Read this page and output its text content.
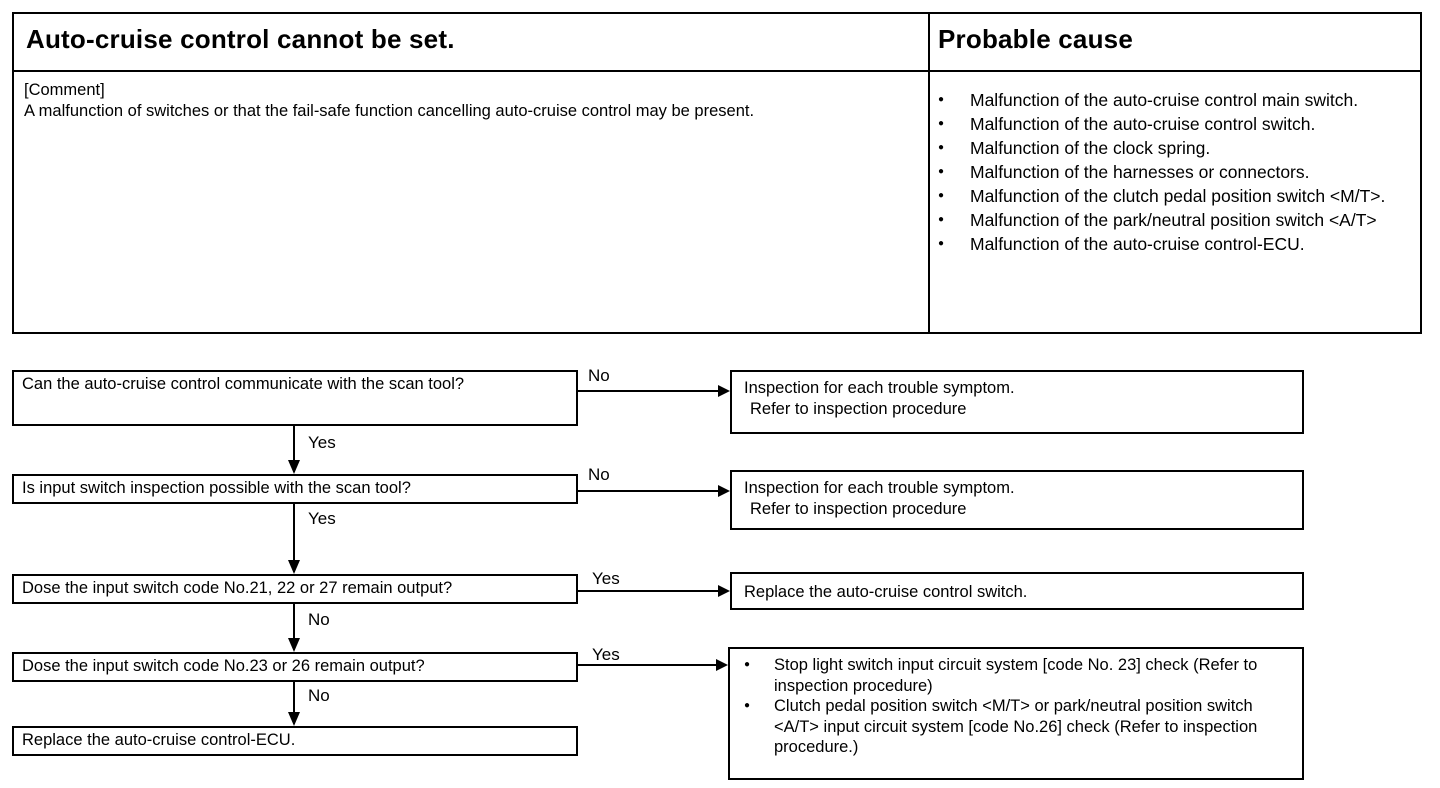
Auto-cruise control cannot be set.	Probable cause
[Comment]
A malfunction of switches or that the fail-safe function cancelling auto-cruise control may be present.
● Malfunction of the auto-cruise control main switch.
● Malfunction of the auto-cruise control switch.
● Malfunction of the clock spring.
● Malfunction of the harnesses or connectors.
● Malfunction of the clutch pedal position switch <M/T>.
● Malfunction of the park/neutral position switch <A/T>
● Malfunction of the auto-cruise control-ECU.
Can the auto-cruise control communicate with the scan tool?
Is input switch inspection possible with the scan tool?
Dose the input switch code No.21, 22 or 27 remain output?
Dose the input switch code No.23 or 26 remain output?
Replace the auto-cruise control-ECU.
Inspection for each trouble symptom.
Refer to inspection procedure
Inspection for each trouble symptom.
Refer to inspection procedure
Replace the auto-cruise control switch.
● Stop light switch input circuit system [code No. 23] check (Refer to inspection procedure)
● Clutch pedal position switch <M/T> or park/neutral position switch <A/T> input circuit system [code No.26] check (Refer to inspection procedure.)
No
No
Yes
Yes
Yes
Yes
No
No
